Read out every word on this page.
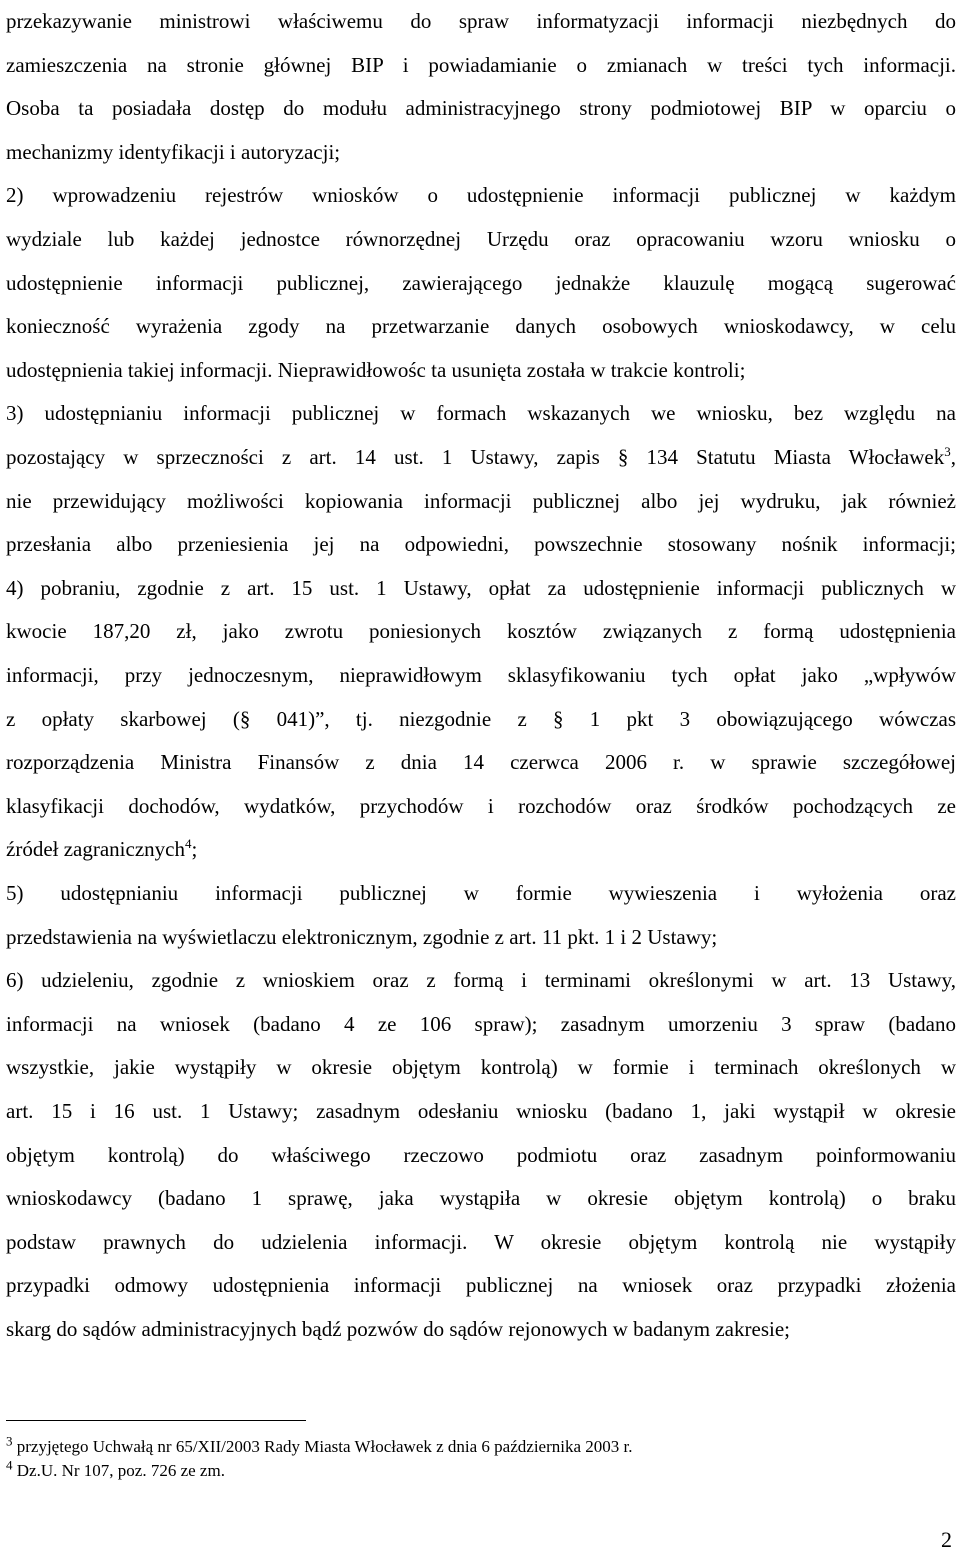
przekazywanie ministrowi właściwemu do spraw informatyzacji informacji niezbędnych do
zamieszczenia na stronie głównej BIP i powiadamianie o zmianach w treści tych informacji.
Osoba ta posiadała dostęp do modułu administracyjnego strony podmiotowej BIP w oparciu o
mechanizmy identyfikacji i autoryzacji;
2) wprowadzeniu rejestrów wniosków o udostępnienie informacji publicznej w każdym
wydziale lub każdej jednostce równorzędnej Urzędu oraz opracowaniu wzoru wniosku o
udostępnienie informacji publicznej, zawierającego jednakże klauzulę mogącą sugerować
konieczność wyrażenia zgody na przetwarzanie danych osobowych wnioskodawcy, w celu
udostępnienia takiej informacji. Nieprawidłowośc ta usunięta została w trakcie kontroli;
3) udostępnianiu informacji publicznej w formach wskazanych we wniosku, bez względu na
pozostający w sprzeczności z art. 14 ust. 1 Ustawy, zapis § 134 Statutu Miasta Włocławek$^3$,
nie przewidujący możliwości kopiowania informacji publicznej albo jej wydruku, jak również
przesłania albo przeniesienia jej na odpowiedni, powszechnie stosowany nośnik informacji;
4) pobraniu, zgodnie z art. 15 ust. 1 Ustawy, opłat za udostępnienie informacji publicznych w
kwocie 187,20 zł, jako zwrotu poniesionych kosztów związanych z formą udostępnienia
informacji, przy jednoczesnym, nieprawidłowym sklasyfikowaniu tych opłat jako „wpływów
z opłaty skarbowej (§ 041)”, tj. niezgodnie z § 1 pkt 3 obowiązującego wówczas
rozporządzenia Ministra Finansów z dnia 14 czerwca 2006 r. w sprawie szczegółowej
klasyfikacji dochodów, wydatków, przychodów i rozchodów oraz środków pochodzących ze
źródeł zagranicznych$^4$;
5) udostępnianiu informacji publicznej w formie wywieszenia i wyłożenia oraz
przedstawienia na wyświetlaczu elektronicznym, zgodnie z art. 11 pkt. 1 i 2 Ustawy;
6) udzieleniu, zgodnie z wnioskiem oraz z formą i terminami określonymi w art. 13 Ustawy,
informacji na wniosek (badano 4 ze 106 spraw); zasadnym umorzeniu 3 spraw (badano
wszystkie, jakie wystąpiły w okresie objętym kontrolą) w formie i terminach określonych w
art. 15 i 16 ust. 1 Ustawy; zasadnym odesłaniu wniosku (badano 1, jaki wystąpił w okresie
objętym kontrolą) do właściwego rzeczowo podmiotu oraz zasadnym poinformowaniu
wnioskodawcy (badano 1 sprawę, jaka wystąpiła w okresie objętym kontrolą) o braku
podstaw prawnych do udzielenia informacji. W okresie objętym kontrolą nie wystąpiły
przypadki odmowy udostępnienia informacji publicznej na wniosek oraz przypadki złożenia
skarg do sądów administracyjnych bądź pozwów do sądów rejonowych w badanym zakresie;
$^3$ przyjętego Uchwałą nr 65/XII/2003 Rady Miasta Włocławek z dnia 6 października 2003 r.
$^4$ Dz.U. Nr 107, poz. 726 ze zm.
2
